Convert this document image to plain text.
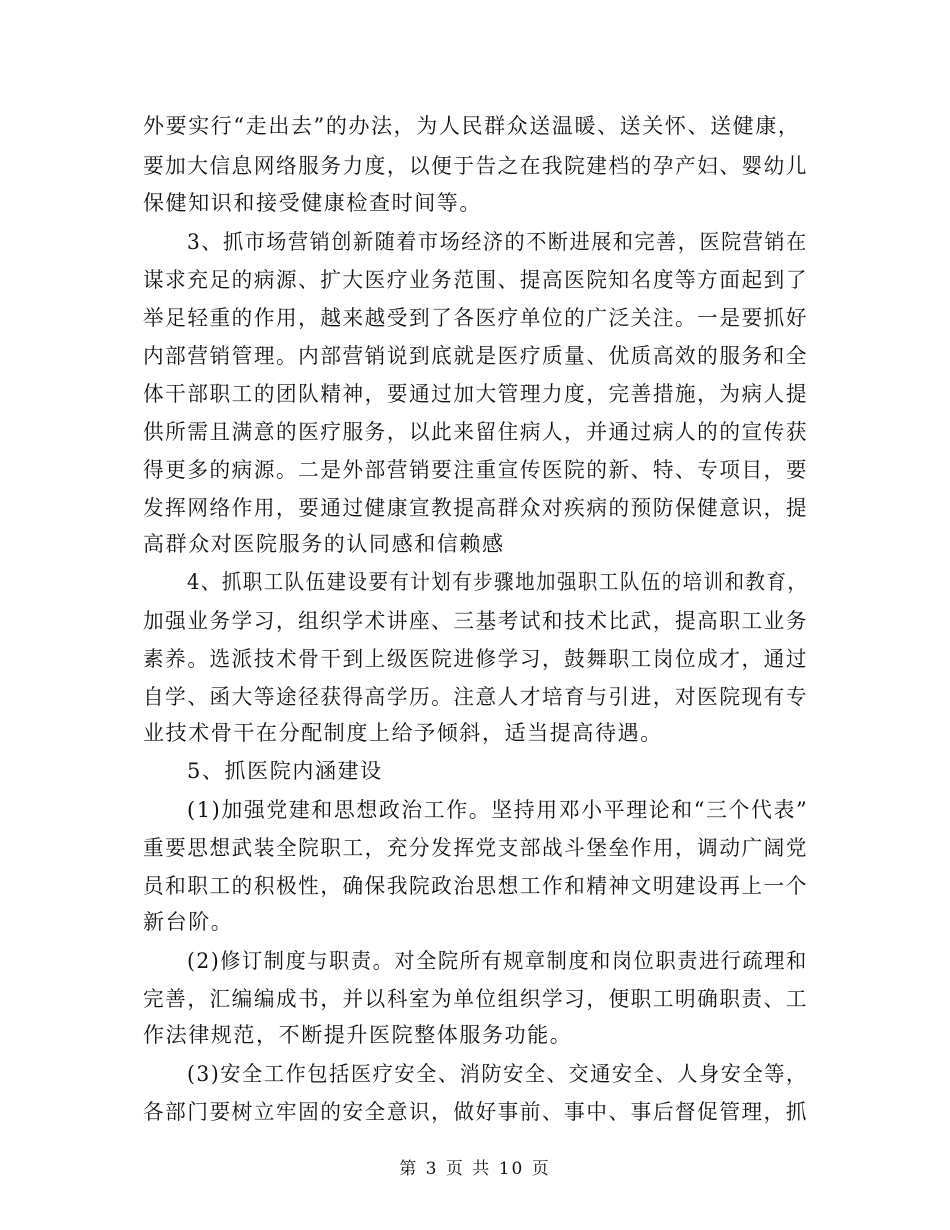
外要实行“走出去”的办法，为人民群众送温暖、送关怀、送健康，
要加大信息网络服务力度，以便于告之在我院建档的孕产妇、婴幼儿
保健知识和接受健康检查时间等。
3、抓市场营销创新随着市场经济的不断进展和完善，医院营销在
谋求充足的病源、扩大医疗业务范围、提高医院知名度等方面起到了
举足轻重的作用，越来越受到了各医疗单位的广泛关注。一是要抓好
内部营销管理。内部营销说到底就是医疗质量、优质高效的服务和全
体干部职工的团队精神，要通过加大管理力度，完善措施，为病人提
供所需且满意的医疗服务，以此来留住病人，并通过病人的的宣传获
得更多的病源。二是外部营销要注重宣传医院的新、特、专项目，要
发挥网络作用，要通过健康宣教提高群众对疾病的预防保健意识，提
高群众对医院服务的认同感和信赖感
4、抓职工队伍建设要有计划有步骤地加强职工队伍的培训和教育，
加强业务学习，组织学术讲座、三基考试和技术比武，提高职工业务
素养。选派技术骨干到上级医院进修学习，鼓舞职工岗位成才，通过
自学、函大等途径获得高学历。注意人才培育与引进，对医院现有专
业技术骨干在分配制度上给予倾斜，适当提高待遇。
5、抓医院内涵建设
(1)加强党建和思想政治工作。坚持用邓小平理论和“三个代表”
重要思想武装全院职工，充分发挥党支部战斗堡垒作用，调动广阔党
员和职工的积极性，确保我院政治思想工作和精神文明建设再上一个
新台阶。
(2)修订制度与职责。对全院所有规章制度和岗位职责进行疏理和
完善，汇编编成书，并以科室为单位组织学习，便职工明确职责、工
作法律规范，不断提升医院整体服务功能。
(3)安全工作包括医疗安全、消防安全、交通安全、人身安全等，
各部门要树立牢固的安全意识，做好事前、事中、事后督促管理，抓
第 3 页 共 10 页
